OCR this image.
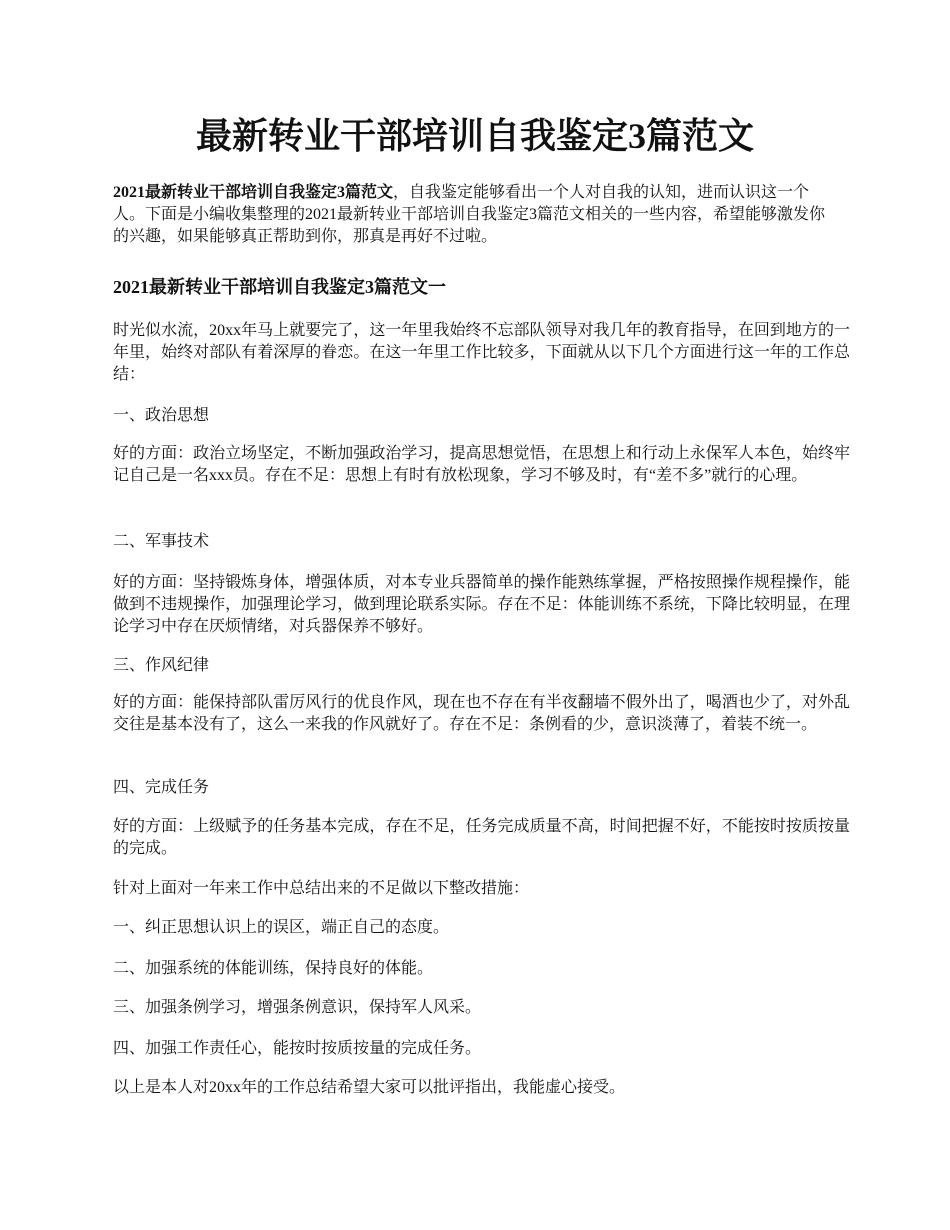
最新转业干部培训自我鉴定3篇范文

2021最新转业干部培训自我鉴定3篇范文，自我鉴定能够看出一个人对自我的认知，进而认识这一个人。下面是小编收集整理的2021最新转业干部培训自我鉴定3篇范文相关的一些内容，希望能够激发你的兴趣，如果能够真正帮助到你，那真是再好不过啦。

2021最新转业干部培训自我鉴定3篇范文一

时光似水流，20xx年马上就要完了，这一年里我始终不忘部队领导对我几年的教育指导，在回到地方的一年里，始终对部队有着深厚的眷恋。在这一年里工作比较多，下面就从以下几个方面进行这一年的工作总结：

一、政治思想

好的方面：政治立场坚定，不断加强政治学习，提高思想觉悟，在思想上和行动上永保军人本色，始终牢记自己是一名xxx员。存在不足：思想上有时有放松现象，学习不够及时，有“差不多”就行的心理。

二、军事技术

好的方面：坚持锻炼身体，增强体质，对本专业兵器简单的操作能熟练掌握，严格按照操作规程操作，能做到不违规操作，加强理论学习，做到理论联系实际。存在不足：体能训练不系统，下降比较明显，在理论学习中存在厌烦情绪，对兵器保养不够好。

三、作风纪律

好的方面：能保持部队雷厉风行的优良作风，现在也不存在有半夜翻墙不假外出了，喝酒也少了，对外乱交往是基本没有了，这么一来我的作风就好了。存在不足：条例看的少，意识淡薄了，着装不统一。

四、完成任务

好的方面：上级赋予的任务基本完成，存在不足，任务完成质量不高，时间把握不好，不能按时按质按量的完成。

针对上面对一年来工作中总结出来的不足做以下整改措施：

一、纠正思想认识上的误区，端正自己的态度。

二、加强系统的体能训练，保持良好的体能。

三、加强条例学习，增强条例意识，保持军人风采。

四、加强工作责任心，能按时按质按量的完成任务。

以上是本人对20xx年的工作总结希望大家可以批评指出，我能虚心接受。
